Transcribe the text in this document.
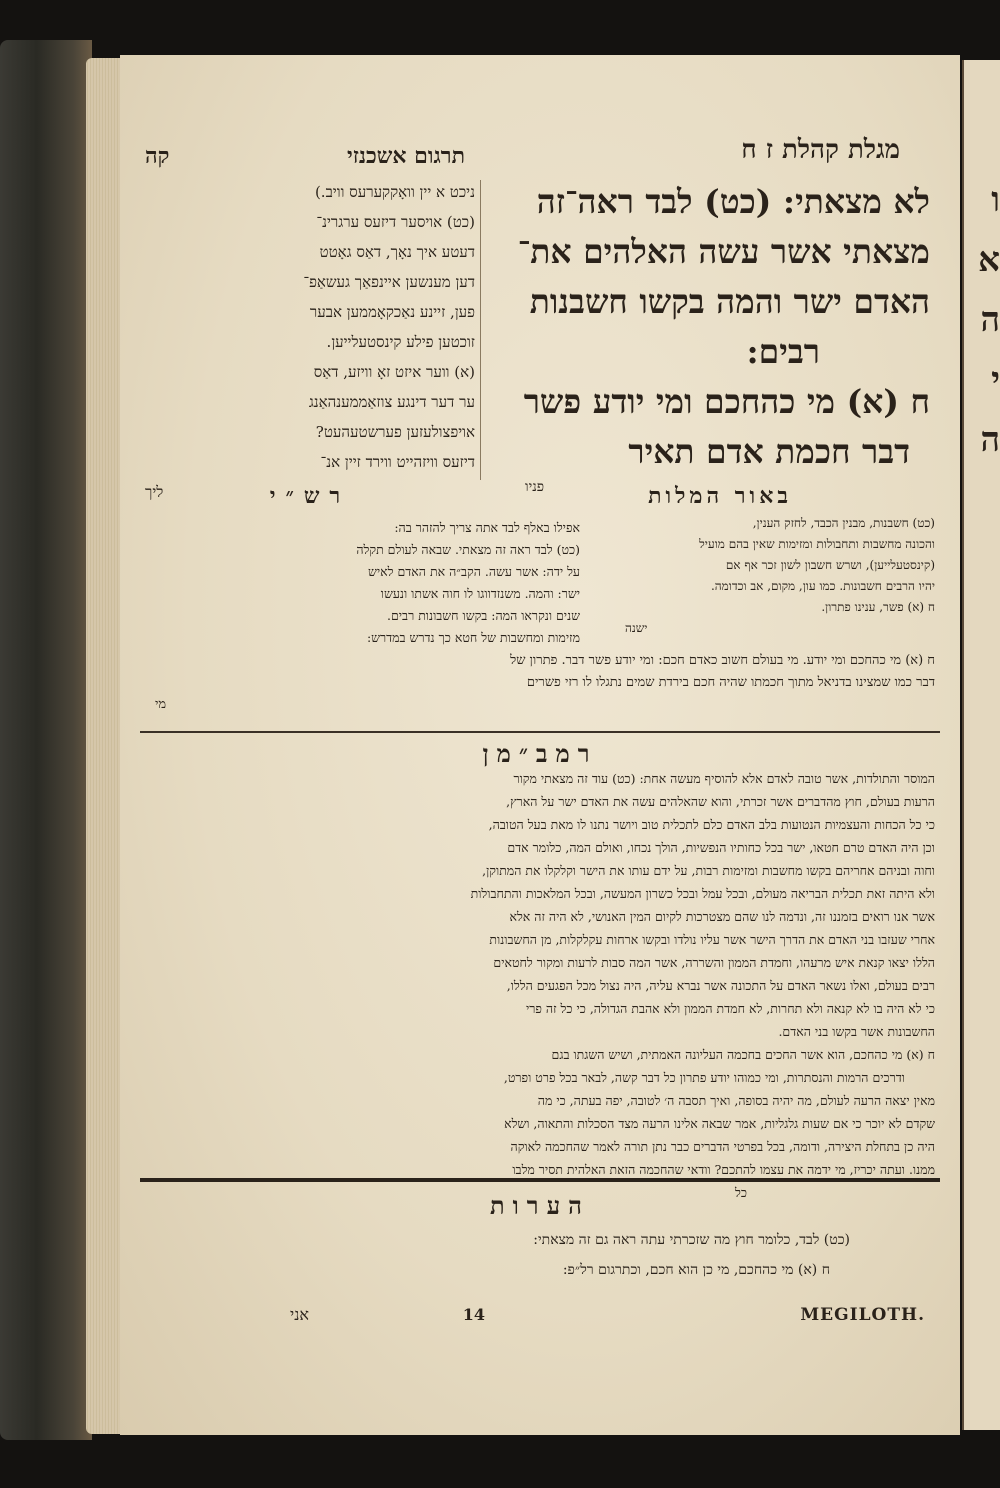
ו
א
ה
י
ה
מגלת קהלת ז ח
תרגום אשכנזי
קה
לא מצאתי: (כט) לבד ראה־זה
מצאתי אשר עשה האלהים את־
האדם ישר והמה בקשו חשבנות
רבים:
ח (א) מי כהחכם ומי יודע פשר
דבר חכמת אדם תאיר
פניו
ניכט א יין וואָקקערעס וויב.)
(כט) אויסער דיזעס ערגרינ־
דעטע איך נאָך, דאַס גאָטט
דען מענשען איינפאַך געשאַפ־
פען, זיינע נאַכקאָממען אבער
זוכטען פילע קינסטעלייען.
(א) ווער איזט זאָ וויזע, דאַס
ער דער דינגע צוזאַממענהאַנג
אויפצולעזען פערשטעהעט?
דיזעס וויזהייט ווירד זיין אנ־
ליך	באור המלות
רש״י
(כט) חשבנות, מבנין הכבד, לחזק הענין,
והכונה מחשבות ותחבולות ומזימות שאין בהם מועיל
(קינסטעלייען), ושרש חשבון לשון זכר אף אם
יהיו הרבים חשבונות. כמו עון, מקום, אב וכדומה.
ח (א) פשר, ענינו פתרון.
ישנה
אפילו באלף לבד אתה צריך להזהר בה:
(כט) לבד ראה זה מצאתי. שבאה לעולם תקלה
על ידה: אשר עשה. הקב״ה את האדם לאיש
ישר: והמה. משנזדווגו לו חוה אשתו ונעשו
שנים ונקראו המה: בקשו חשבונות רבים.
מזימות ומחשבות של חטא כך נדרש במדרש:
ח (א) מי כהחכם ומי יודע. מי בעולם חשוב כאדם חכם: ומי יודע פשר דבר. פתרון של
דבר כמו שמצינו בדניאל מתוך חכמתו שהיה חכם בירדת שמים נתגלו לו רזי פשרים
מי
רמב״מן
המוסר והתולדות, אשר טובה לאדם אלא להוסיף מעשה אחת: (כט) עוד זה מצאתי מקור
הרעות בעולם, חוץ מהדברים אשר זכרתי, והוא שהאלהים עשה את האדם ישר על הארץ,
כי כל הכחות והעצמיות הנטועות בלב האדם כלם לתכלית טוב ויושר נתנו לו מאת בעל הטובה,
וכן היה האדם טרם חטאו, ישר בכל כחותיו הנפשיות, הולך נכחו, ואולם המה, כלומר אדם
וחוה ובניהם אחריהם בקשו מחשבות ומזימות רבות, על ידם עותו את הישר וקלקלו את המתוקן,
ולא היתה זאת תכלית הבריאה מעולם, ובכל עמל ובכל כשרון המעשה, ובכל המלאכות והתחבולות
אשר אנו רואים בזמננו זה, ונדמה לנו שהם מצטרכות לקיום המין האנושי, לא היה זה אלא
אחרי שעזבו בני האדם את הדרך הישר אשר עליו נולדו ובקשו ארחות עקלקלות, מן החשבונות
הללו יצאו קנאת איש מרעהו, וחמדת הממון והשררה, אשר המה סבות לרעות ומקור לחטאים
רבים בעולם, ואלו נשאר האדם על התכונה אשר נברא עליה, היה נצול מכל הפגעים הללו,
כי לא היה בו לא קנאה ולא תחרות, לא חמדת הממון ולא אהבת הגדולה, כי כל זה פרי
החשבונות אשר בקשו בני האדם.
ח (א) מי כהחכם, הוא אשר החכים בחכמה העליונה האמתית, ושיש השגתו בגם
ודרכים הרמות והנסתרות, ומי כמוהו יודע פתרון כל דבר קשה, לבאר בכל פרט ופרט,
מאין יצאה הרעה לעולם, מה יהיה בסופה, ואיך תסבה ה׳ לטובה, יפה בעתה, כי מה
שקדם לא יוכר כי אם שעות גלגליות, אמר שבאה אלינו הרעה מצד הסכלות והתאוה, ושלא
היה כן בתחלת היצירה, ודומה, בכל בפרטי הדברים כבר נתן תורה לאמר שהחכמה לאוקה
ממנו. ועתה יכריז, מי ידמה את עצמו להתכם? וודאי שהחכמה הזאת האלהית תסיר מלבו
כל
הערות
(כט) לבד, כלומר חוץ מה שזכרתי עתה ראה גם זה מצאתי:
ח (א) מי כהחכם, מי כן הוא חכם, וכתרגום רל״פ:
MEGILOTH.
14
אני
